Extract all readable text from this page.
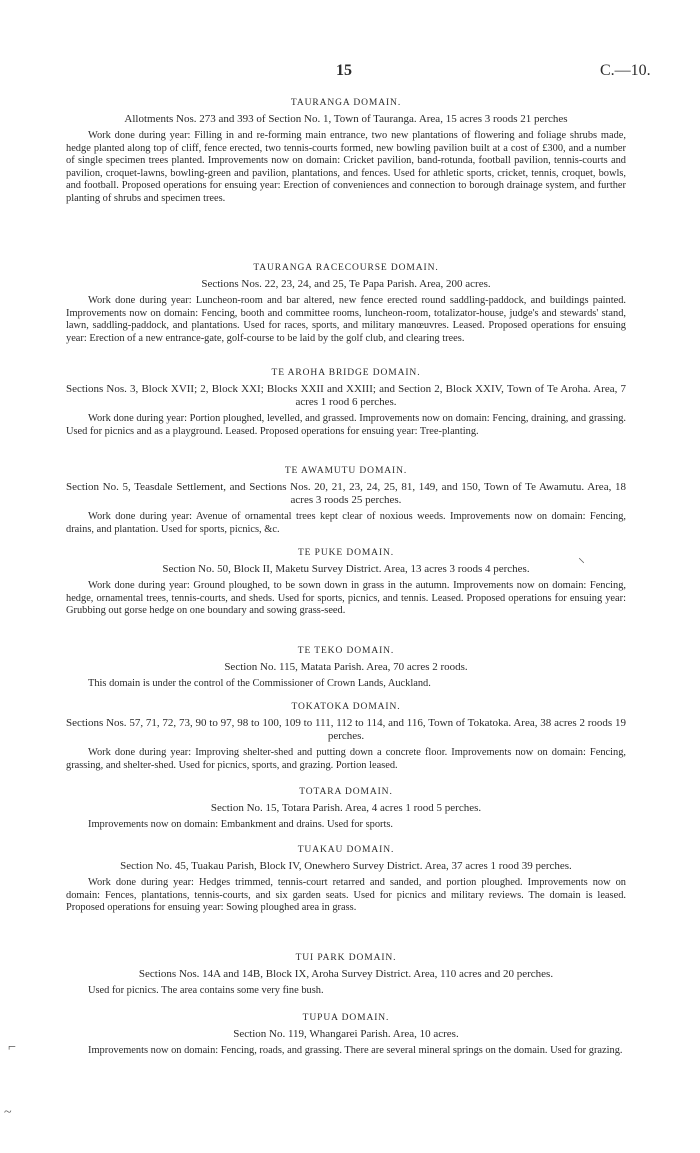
15	C.—10.
TAURANGA DOMAIN.
Allotments Nos. 273 and 393 of Section No. 1, Town of Tauranga. Area, 15 acres 3 roods 21 perches

Work done during year: Filling in and re-forming main entrance, two new plantations of flowering and foliage shrubs made, hedge planted along top of cliff, fence erected, two tennis-courts formed, new bowling pavilion built at a cost of £300, and a number of single specimen trees planted. Improvements now on domain: Cricket pavilion, band-rotunda, football pavilion, tennis-courts and pavilion, croquet-lawns, bowling-green and pavilion, plantations, and fences. Used for athletic sports, cricket, tennis, croquet, bowls, and football. Proposed operations for ensuing year: Erection of conveniences and connection to borough drainage system, and further planting of shrubs and specimen trees.

TAURANGA RACECOURSE DOMAIN.
Sections Nos. 22, 23, 24, and 25, Te Papa Parish. Area, 200 acres.

Work done during year: Luncheon-room and bar altered, new fence erected round saddling-paddock, and buildings painted. Improvements now on domain: Fencing, booth and committee rooms, luncheon-room, totalizator-house, judge's and stewards' stand, lawn, saddling-paddock, and plantations. Used for races, sports, and military manœuvres. Leased. Proposed operations for ensuing year: Erection of a new entrance-gate, golf-course to be laid by the golf club, and clearing trees.

TE AROHA BRIDGE DOMAIN.
Sections Nos. 3, Block XVII; 2, Block XXI; Blocks XXII and XXIII; and Section 2, Block XXIV, Town of Te Aroha. Area, 7 acres 1 rood 6 perches.

Work done during year: Portion ploughed, levelled, and grassed. Improvements now on domain: Fencing, draining, and grassing. Used for picnics and as a playground. Leased. Proposed operations for ensuing year: Tree-planting.

TE AWAMUTU DOMAIN.
Section No. 5, Teasdale Settlement, and Sections Nos. 20, 21, 23, 24, 25, 81, 149, and 150, Town of Te Awamutu. Area, 18 acres 3 roods 25 perches.

Work done during year: Avenue of ornamental trees kept clear of noxious weeds. Improvements now on domain: Fencing, drains, and plantation. Used for sports, picnics, &c.

TE PUKE DOMAIN.
Section No. 50, Block II, Maketu Survey District. Area, 13 acres 3 roods 4 perches.

Work done during year: Ground ploughed, to be sown down in grass in the autumn. Improvements now on domain: Fencing, hedge, ornamental trees, tennis-courts, and sheds. Used for sports, picnics, and tennis. Leased. Proposed operations for ensuing year: Grubbing out gorse hedge on one boundary and sowing grass-seed.

TE TEKO DOMAIN.
Section No. 115, Matata Parish. Area, 70 acres 2 roods.

This domain is under the control of the Commissioner of Crown Lands, Auckland.

TOKATOKA DOMAIN.
Sections Nos. 57, 71, 72, 73, 90 to 97, 98 to 100, 109 to 111, 112 to 114, and 116, Town of Tokatoka. Area, 38 acres 2 roods 19 perches.

Work done during year: Improving shelter-shed and putting down a concrete floor. Improvements now on domain: Fencing, grassing, and shelter-shed. Used for picnics, sports, and grazing. Portion leased.

TOTARA DOMAIN.
Section No. 15, Totara Parish. Area, 4 acres 1 rood 5 perches.

Improvements now on domain: Embankment and drains. Used for sports.

TUAKAU DOMAIN.
Section No. 45, Tuakau Parish, Block IV, Onewhero Survey District. Area, 37 acres 1 rood 39 perches.

Work done during year: Hedges trimmed, tennis-court retarred and sanded, and portion ploughed. Improvements now on domain: Fences, plantations, tennis-courts, and six garden seats. Used for picnics and military reviews. The domain is leased. Proposed operations for ensuing year: Sowing ploughed area in grass.

TUI PARK DOMAIN.
Sections Nos. 14A and 14B, Block IX, Aroha Survey District. Area, 110 acres and 20 perches.

Used for picnics. The area contains some very fine bush.

TUPUA DOMAIN.
Section No. 119, Whangarei Parish. Area, 10 acres.

Improvements now on domain: Fencing, roads, and grassing. There are several mineral springs on the domain. Used for grazing.

⌐
~
⸜
